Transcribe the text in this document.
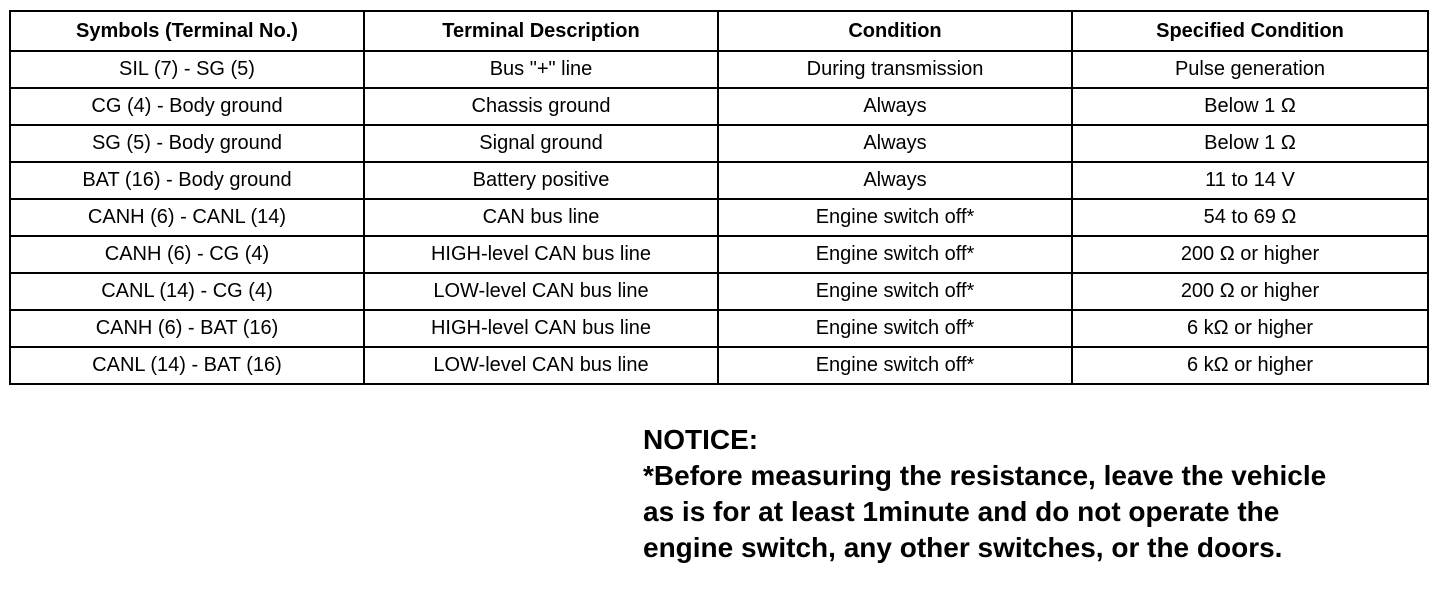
Symbols (Terminal No.)	Terminal Description	Condition	Specified Condition
SIL (7) - SG (5)	Bus "+" line	During transmission	Pulse generation
CG (4) - Body ground	Chassis ground	Always	Below 1 Ω
SG (5) - Body ground	Signal ground	Always	Below 1 Ω
BAT (16) - Body ground	Battery positive	Always	11 to 14 V
CANH (6) - CANL (14)	CAN bus line	Engine switch off*	54 to 69 Ω
CANH (6) - CG (4)	HIGH-level CAN bus line	Engine switch off*	200 Ω or higher
CANL (14) - CG (4)	LOW-level CAN bus line	Engine switch off*	200 Ω or higher
CANH (6) - BAT (16)	HIGH-level CAN bus line	Engine switch off*	6 kΩ or higher
CANL (14) - BAT (16)	LOW-level CAN bus line	Engine switch off*	6 kΩ or higher
NOTICE:
*Before measuring the resistance, leave the vehicle as is for at least 1minute and do not operate the engine switch, any other switches, or the doors.
